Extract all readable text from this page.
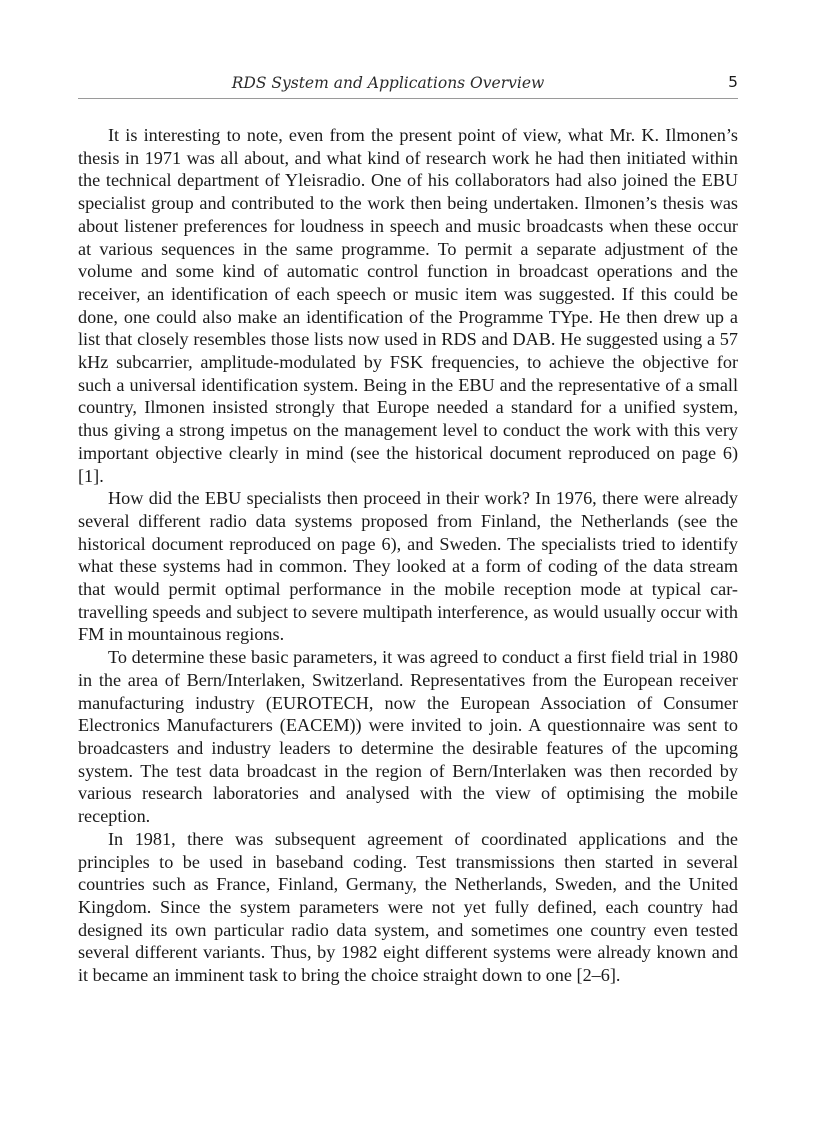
RDS System and Applications Overview	5

It is interesting to note, even from the present point of view, what Mr. K. Ilmonen’s thesis in 1971 was all about, and what kind of research work he had then initiated within the technical department of Yleisradio. One of his collaborators had also joined the EBU specialist group and contributed to the work then being undertaken. Ilmonen’s thesis was about listener preferences for loudness in speech and music broadcasts when these occur at various sequences in the same programme. To permit a separate adjustment of the volume and some kind of automatic control function in broadcast operations and the receiver, an identification of each speech or music item was suggested. If this could be done, one could also make an identification of the Programme TYpe. He then drew up a list that closely resembles those lists now used in RDS and DAB. He suggested using a 57 kHz subcarrier, amplitude-modulated by FSK frequencies, to achieve the objective for such a universal identification system. Being in the EBU and the representative of a small country, Ilmonen insisted strongly that Europe needed a standard for a unified system, thus giving a strong impetus on the management level to conduct the work with this very important objective clearly in mind (see the historical document reproduced on page 6) [1].

How did the EBU specialists then proceed in their work? In 1976, there were already several different radio data systems proposed from Finland, the Netherlands (see the historical document reproduced on page 6), and Sweden. The specialists tried to identify what these systems had in common. They looked at a form of coding of the data stream that would permit optimal performance in the mobile reception mode at typical car-travelling speeds and subject to severe multipath interference, as would usually occur with FM in mountainous regions.

To determine these basic parameters, it was agreed to conduct a first field trial in 1980 in the area of Bern/Interlaken, Switzerland. Representatives from the European receiver manufacturing industry (EUROTECH, now the European Association of Consumer Electronics Manufacturers (EACEM)) were invited to join. A questionnaire was sent to broadcasters and industry leaders to determine the desirable features of the upcoming system. The test data broadcast in the region of Bern/Interlaken was then recorded by various research laboratories and analysed with the view of optimising the mobile reception.

In 1981, there was subsequent agreement of coordinated applications and the principles to be used in baseband coding. Test transmissions then started in several countries such as France, Finland, Germany, the Netherlands, Sweden, and the United Kingdom. Since the system parameters were not yet fully defined, each country had designed its own particular radio data system, and sometimes one country even tested several different variants. Thus, by 1982 eight different systems were already known and it became an imminent task to bring the choice straight down to one [2–6].
